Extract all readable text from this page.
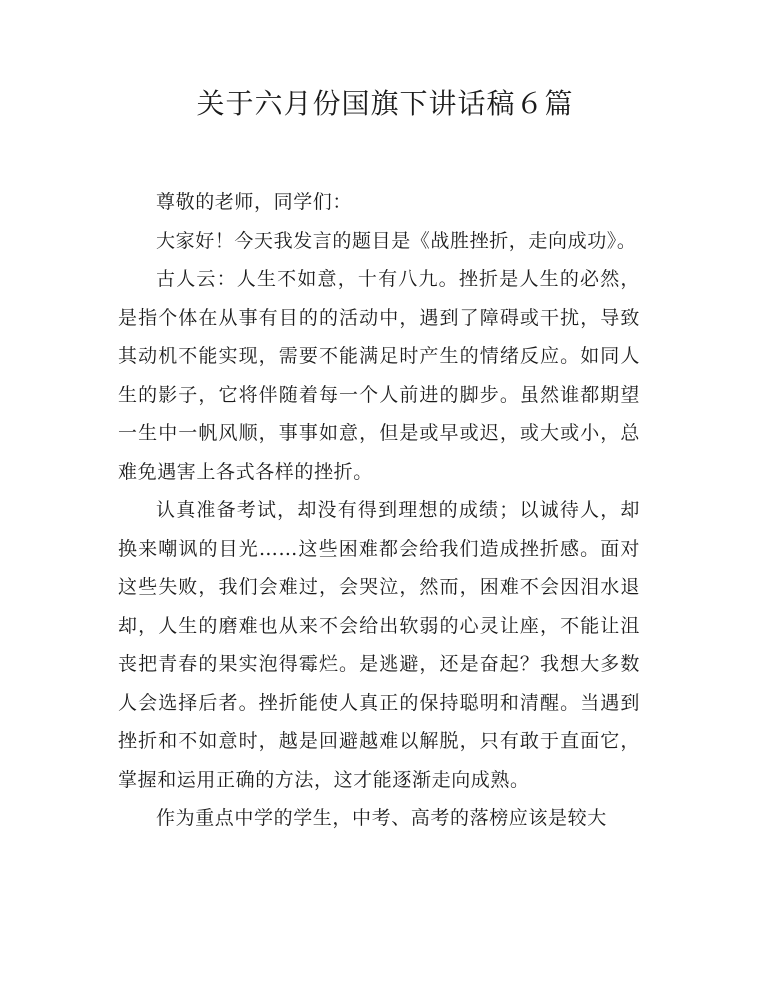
关于六月份国旗下讲话稿６篇

尊敬的老师，同学们：

大家好！今天我发言的题目是《战胜挫折，走向成功》。

古人云：人生不如意，十有八九。挫折是人生的必然，是指个体在从事有目的的活动中，遇到了障碍或干扰，导致其动机不能实现，需要不能满足时产生的情绪反应。如同人生的影子，它将伴随着每一个人前进的脚步。虽然谁都期望一生中一帆风顺，事事如意，但是或早或迟，或大或小，总难免遇害上各式各样的挫折。

认真准备考试，却没有得到理想的成绩；以诚待人，却换来嘲讽的目光……这些困难都会给我们造成挫折感。面对这些失败，我们会难过，会哭泣，然而，困难不会因泪水退却，人生的磨难也从来不会给出软弱的心灵让座，不能让沮丧把青春的果实泡得霉烂。是逃避，还是奋起？我想大多数人会选择后者。挫折能使人真正的保持聪明和清醒。当遇到挫折和不如意时，越是回避越难以解脱，只有敢于直面它，掌握和运用正确的方法，这才能逐渐走向成熟。

作为重点中学的学生，中考、高考的落榜应该是较大
